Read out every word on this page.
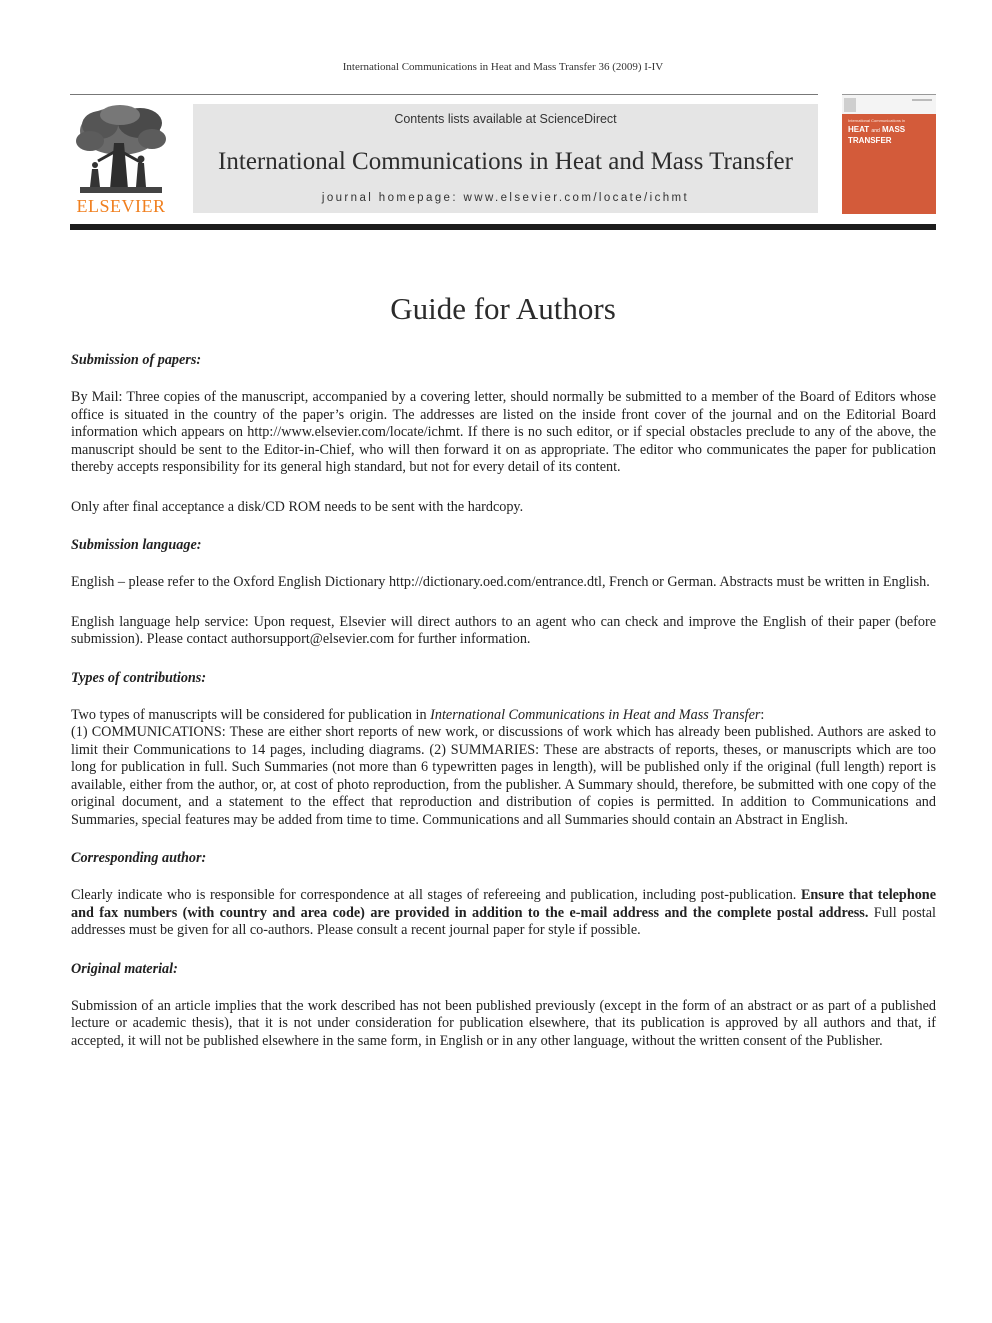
International Communications in Heat and Mass Transfer 36 (2009) I-IV
ELSEVIER
Contents lists available at ScienceDirect
International Communications in Heat and Mass Transfer
journal homepage: www.elsevier.com/locate/ichmt
International Communications in
HEAT and MASS
TRANSFER
Guide for Authors

Submission of papers:

By Mail: Three copies of the manuscript, accompanied by a covering letter, should normally be submitted to a member of the Board of Editors whose office is situated in the country of the paper’s origin. The addresses are listed on the inside front cover of the journal and on the Editorial Board information which appears on http://www.elsevier.com/locate/ichmt. If there is no such editor, or if special obstacles preclude to any of the above, the manuscript should be sent to the Editor-in-Chief, who will then forward it on as appropriate. The editor who communicates the paper for publication thereby accepts responsibility for its general high standard, but not for every detail of its content.

Only after final acceptance a disk/CD ROM needs to be sent with the hardcopy.

Submission language:

English – please refer to the Oxford English Dictionary http://dictionary.oed.com/entrance.dtl, French or German. Abstracts must be written in English.

English language help service: Upon request, Elsevier will direct authors to an agent who can check and improve the English of their paper (before submission). Please contact authorsupport@elsevier.com for further information.

Types of contributions:

Two types of manuscripts will be considered for publication in International Communications in Heat and Mass Transfer:

(1) COMMUNICATIONS: These are either short reports of new work, or discussions of work which has already been published. Authors are asked to limit their Communications to 14 pages, including diagrams. (2) SUMMARIES: These are abstracts of reports, theses, or manuscripts which are too long for publication in full. Such Summaries (not more than 6 typewritten pages in length), will be published only if the original (full length) report is available, either from the author, or, at cost of photo reproduction, from the publisher. A Summary should, therefore, be submitted with one copy of the original document, and a statement to the effect that reproduction and distribution of copies is permitted. In addition to Communications and Summaries, special features may be added from time to time. Communications and all Summaries should contain an Abstract in English.

Corresponding author:

Clearly indicate who is responsible for correspondence at all stages of refereeing and publication, including post-publication. Ensure that telephone and fax numbers (with country and area code) are provided in addition to the e-mail address and the complete postal address. Full postal addresses must be given for all co-authors. Please consult a recent journal paper for style if possible.

Original material:

Submission of an article implies that the work described has not been published previously (except in the form of an abstract or as part of a published lecture or academic thesis), that it is not under consideration for publication elsewhere, that its publication is approved by all authors and that, if accepted, it will not be published elsewhere in the same form, in English or in any other language, without the written consent of the Publisher.
